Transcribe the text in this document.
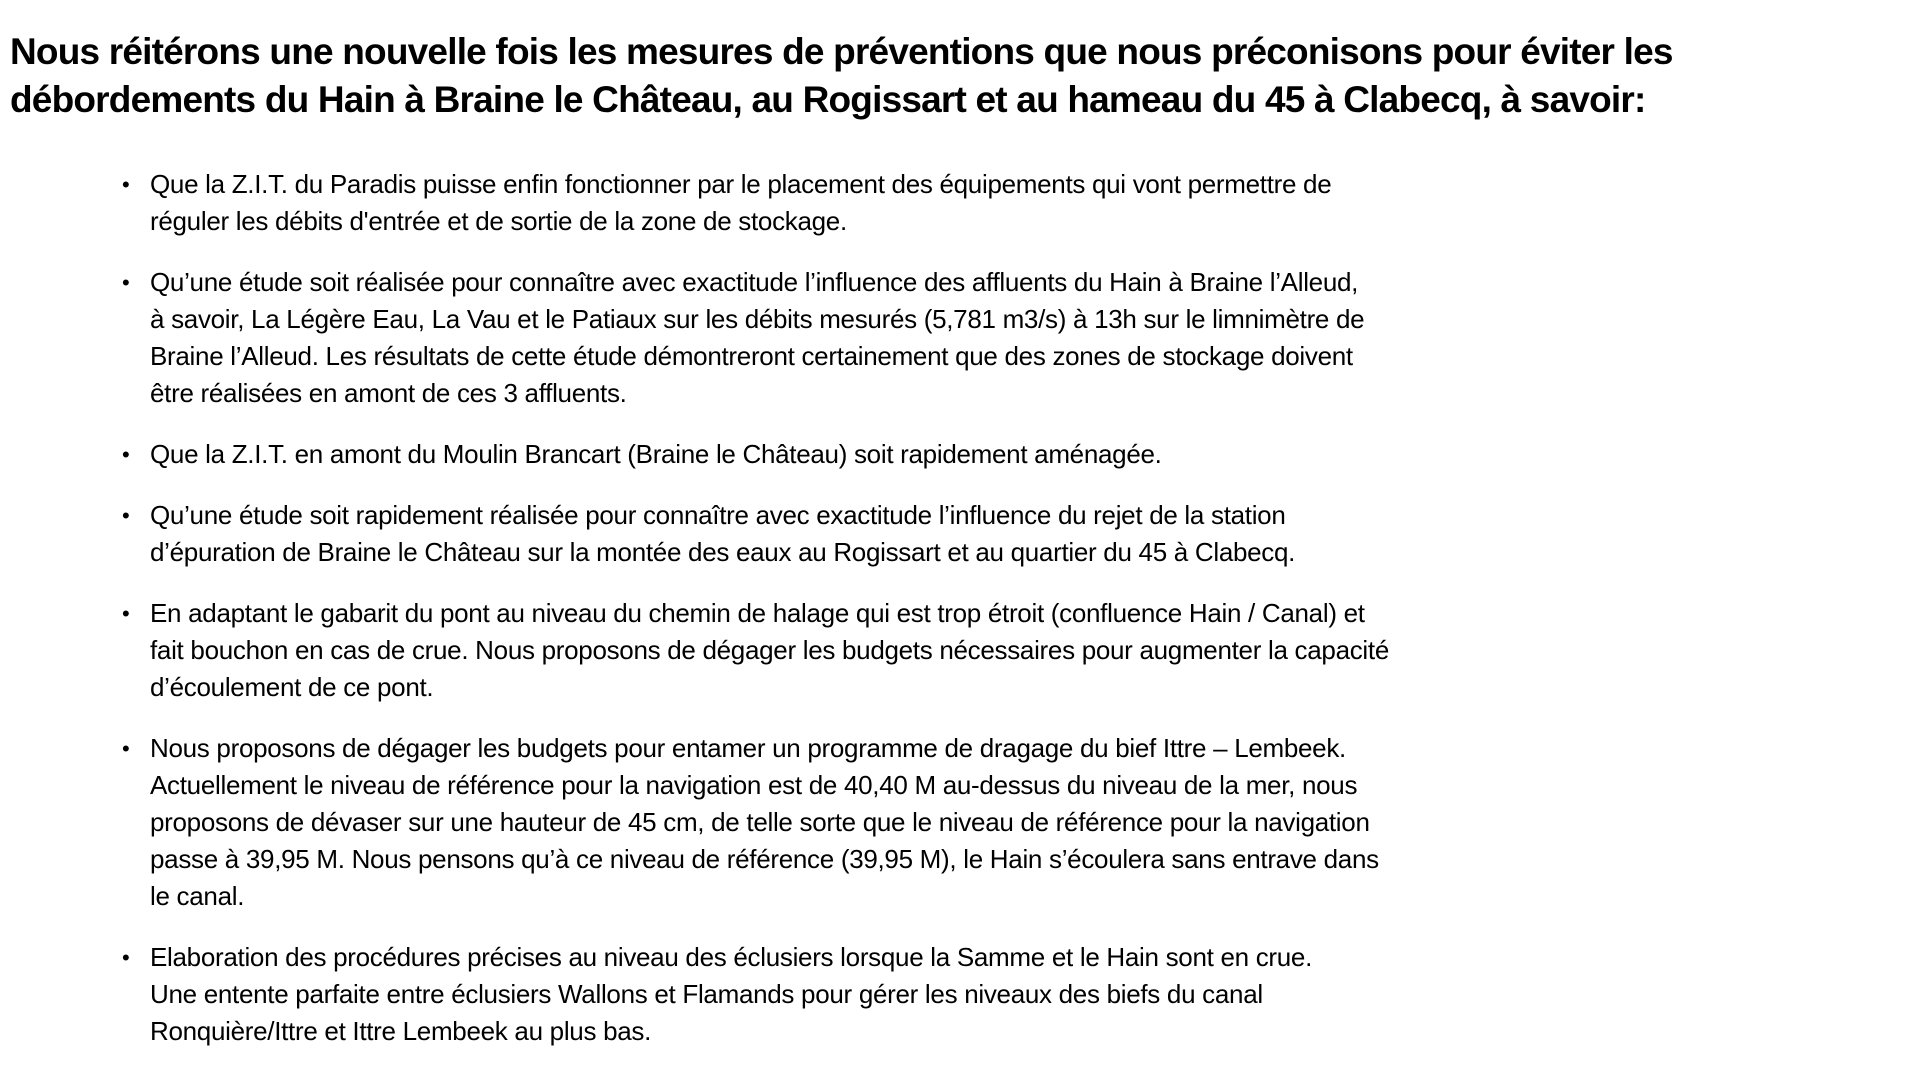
Nous réitérons une nouvelle fois les mesures de préventions que nous préconisons pour éviter les
débordements du Hain à Braine le Château, au Rogissart et au hameau du 45 à Clabecq, à savoir:
• Que la Z.I.T. du Paradis puisse enfin fonctionner par le placement des équipements qui vont permettre de
réguler les débits d'entrée et de sortie de la zone de stockage.
• Qu’une étude soit réalisée pour connaître avec exactitude l’influence des affluents du Hain à Braine l’Alleud,
à savoir, La Légère Eau, La Vau et le Patiaux sur les débits mesurés (5,781 m3/s) à 13h sur le limnimètre de
Braine l’Alleud. Les résultats de cette étude démontreront certainement que des zones de stockage doivent
être réalisées en amont de ces 3 affluents.
• Que la Z.I.T. en amont du Moulin Brancart (Braine le Château) soit rapidement aménagée.
• Qu’une étude soit rapidement réalisée pour connaître avec exactitude l’influence du rejet de la station
d’épuration de Braine le Château sur la montée des eaux au Rogissart et au quartier du 45 à Clabecq.
• En adaptant le gabarit du pont au niveau du chemin de halage qui est trop étroit (confluence Hain / Canal) et
fait bouchon en cas de crue. Nous proposons de dégager les budgets nécessaires pour augmenter la capacité
d’écoulement de ce pont.
• Nous proposons de dégager les budgets pour entamer un programme de dragage du bief Ittre – Lembeek.
Actuellement le niveau de référence pour la navigation est de 40,40 M au-dessus du niveau de la mer, nous
proposons de dévaser sur une hauteur de 45 cm, de telle sorte que le niveau de référence pour la navigation
passe à 39,95 M. Nous pensons qu’à ce niveau de référence (39,95 M), le Hain s’écoulera sans entrave dans
le canal.
• Elaboration des procédures précises au niveau des éclusiers lorsque la Samme et le Hain sont en crue.
Une entente parfaite entre éclusiers Wallons et Flamands pour gérer les niveaux des biefs du canal
Ronquière/Ittre et Ittre Lembeek au plus bas.
